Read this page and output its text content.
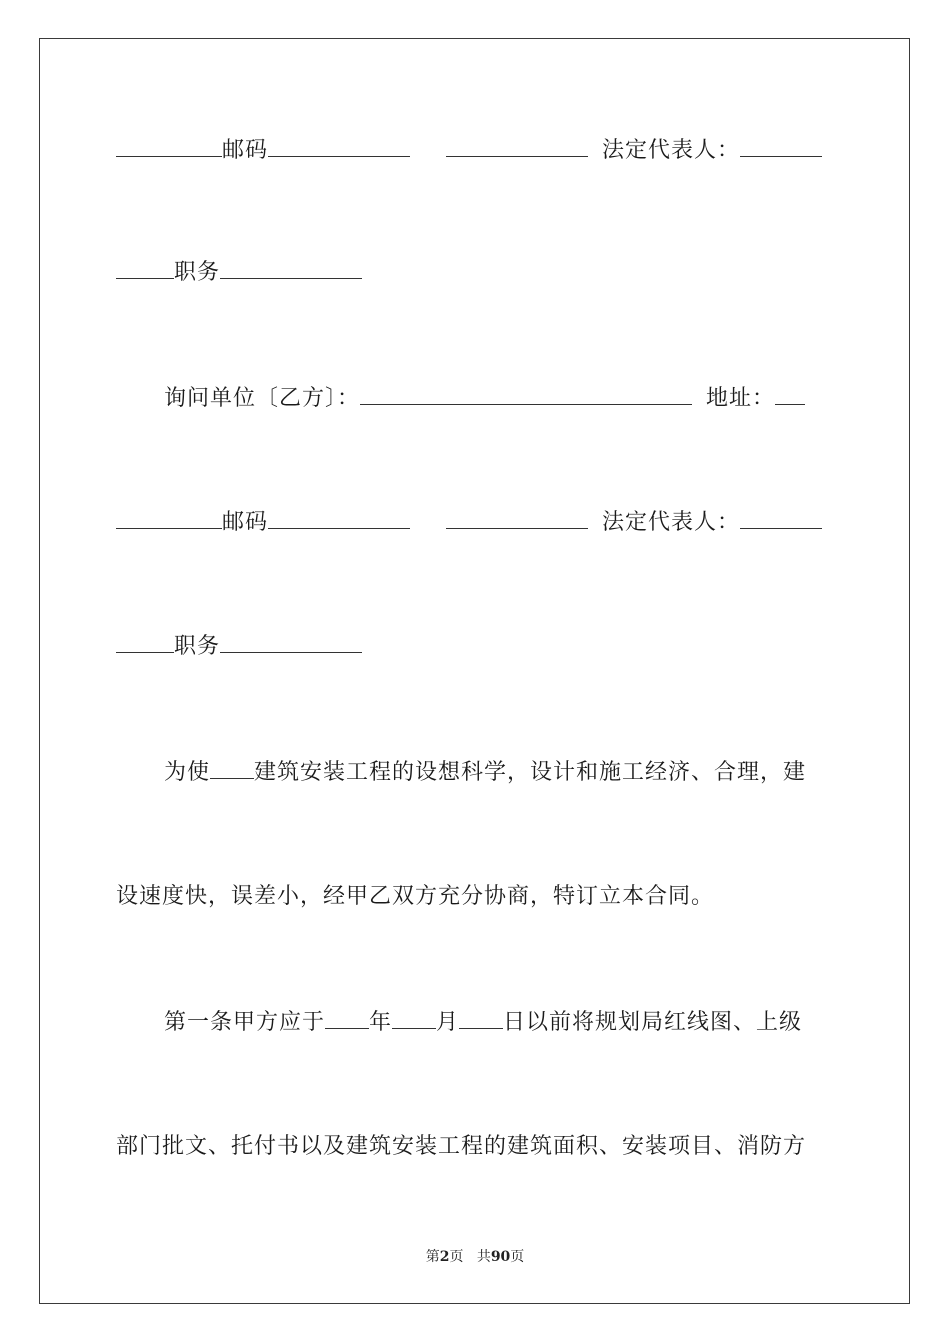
邮码	法定代表人：
职务
询问单位〔乙方〕：	地址：
邮码	法定代表人：
职务
为使 建筑安装工程的设想科学，设计和施工经济、合理，建
设速度快，误差小，经甲乙双方充分协商，特订立本合同。
第一条甲方应于 年 月 日以前将规划局红线图、上级
部门批文、托付书以及建筑安装工程的建筑面积、安装项目、消防方
第2页 共90页
